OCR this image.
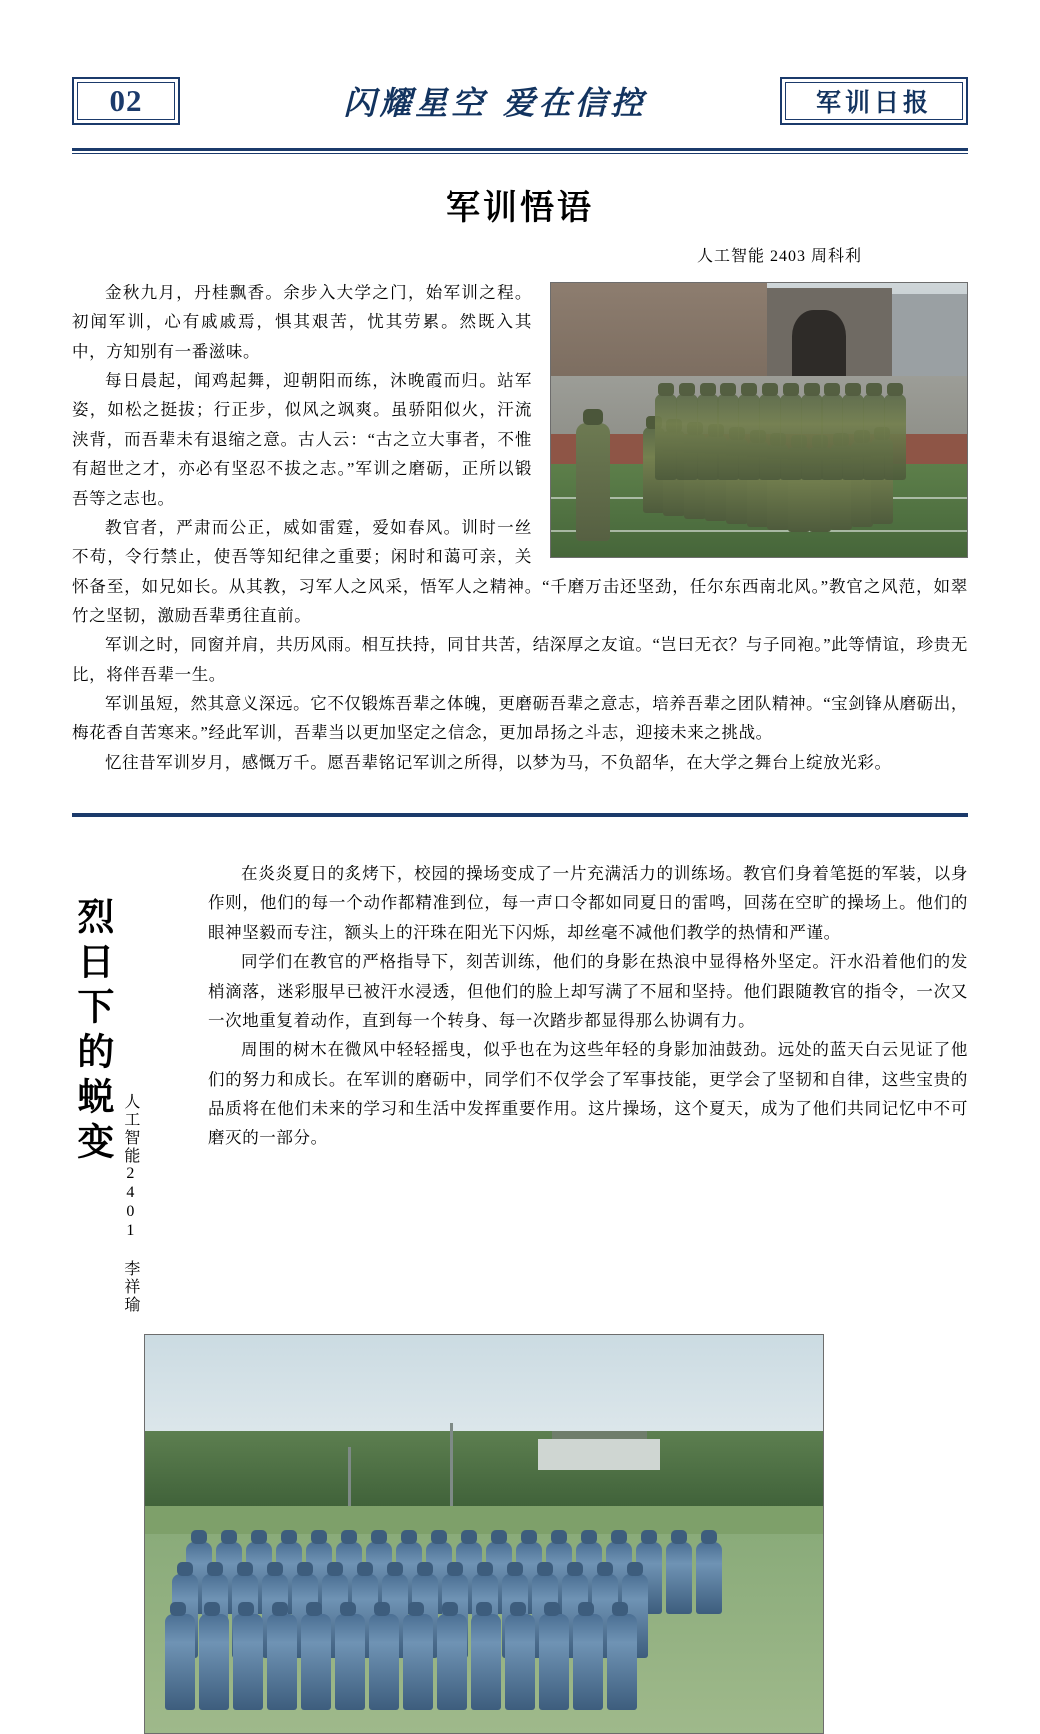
02	闪耀星空 爱在信控	军训日报
军训悟语
人工智能 2403 周科利

金秋九月，丹桂飘香。余步入大学之门，始军训之程。初闻军训，心有戚戚焉，惧其艰苦，忧其劳累。然既入其中，方知别有一番滋味。

每日晨起，闻鸡起舞，迎朝阳而练，沐晚霞而归。站军姿，如松之挺拔；行正步，似风之飒爽。虽骄阳似火，汗流浃背，而吾辈未有退缩之意。古人云：“古之立大事者，不惟有超世之才，亦必有坚忍不拔之志。”军训之磨砺，正所以锻吾等之志也。

教官者，严肃而公正，威如雷霆，爱如春风。训时一丝不苟，令行禁止，使吾等知纪律之重要；闲时和蔼可亲，关怀备至，如兄如长。从其教，习军人之风采，悟军人之精神。“千磨万击还坚劲，任尔东西南北风。”教官之风范，如翠竹之坚韧，激励吾辈勇往直前。

军训之时，同窗并肩，共历风雨。相互扶持，同甘共苦，结深厚之友谊。“岂曰无衣？与子同袍。”此等情谊，珍贵无比，将伴吾辈一生。

军训虽短，然其意义深远。它不仅锻炼吾辈之体魄，更磨砺吾辈之意志，培养吾辈之团队精神。“宝剑锋从磨砺出，梅花香自苦寒来。”经此军训，吾辈当以更加坚定之信念，更加昂扬之斗志，迎接未来之挑战。

忆往昔军训岁月，感慨万千。愿吾辈铭记军训之所得，以梦为马，不负韶华，在大学之舞台上绽放光彩。

烈日下的蜕变
人工智能2401 李祥瑜

在炎炎夏日的炙烤下，校园的操场变成了一片充满活力的训练场。教官们身着笔挺的军装，以身作则，他们的每一个动作都精准到位，每一声口令都如同夏日的雷鸣，回荡在空旷的操场上。他们的眼神坚毅而专注，额头上的汗珠在阳光下闪烁，却丝毫不减他们教学的热情和严谨。

同学们在教官的严格指导下，刻苦训练，他们的身影在热浪中显得格外坚定。汗水沿着他们的发梢滴落，迷彩服早已被汗水浸透，但他们的脸上却写满了不屈和坚持。他们跟随教官的指令，一次又一次地重复着动作，直到每一个转身、每一次踏步都显得那么协调有力。

周围的树木在微风中轻轻摇曳，似乎也在为这些年轻的身影加油鼓劲。远处的蓝天白云见证了他们的努力和成长。在军训的磨砺中，同学们不仅学会了军事技能，更学会了坚韧和自律，这些宝贵的品质将在他们未来的学习和生活中发挥重要作用。这片操场，这个夏天，成为了他们共同记忆中不可磨灭的一部分。
